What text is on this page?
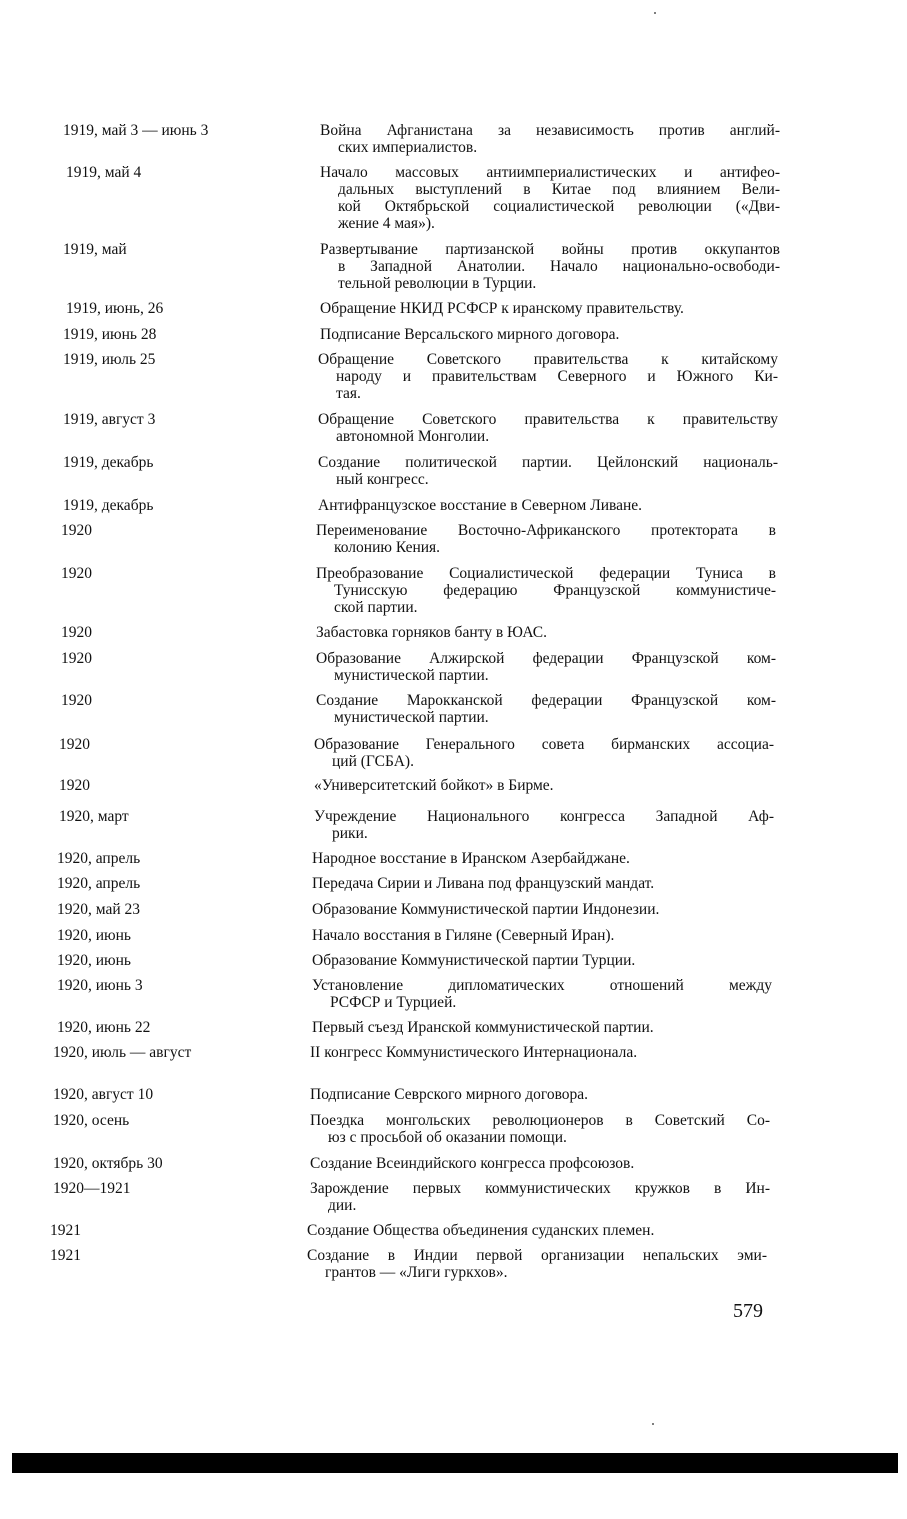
1919, май 3 — июнь 3	Война Афганистана за независимость против англий-
ских империалистов.
1919, май 4	Начало массовых антиимпериалистических и антифео-
дальных выступлений в Китае под влиянием Вели-
кой Октябрьской социалистической революции («Дви-
жение 4 мая»).
1919, май	Развертывание партизанской войны против оккупантов
в Западной Анатолии. Начало национально-освободи-
тельной революции в Турции.
1919, июнь, 26	Обращение НКИД РСФСР к иранскому правительству.
1919, июнь 28	Подписание Версальского мирного договора.
1919, июль 25	Обращение Советского правительства к китайскому
народу и правительствам Северного и Южного Ки-
тая.
1919, август 3	Обращение Советского правительства к правительству
автономной Монголии.
1919, декабрь	Создание политической партии. Цейлонский националь-
ный конгресс.
1919, декабрь	Антифранцузское восстание в Северном Ливане.
1920	Переименование Восточно-Африканского протектората в
колонию Кения.
1920	Преобразование Социалистической федерации Туниса в
Тунисскую федерацию Французской коммунистиче-
ской партии.
1920	Забастовка горняков банту в ЮАС.
1920	Образование Алжирской федерации Французской ком-
мунистической партии.
1920	Создание Марокканской федерации Французской ком-
мунистической партии.
1920	Образование Генерального совета бирманских ассоциа-
ций (ГСБА).
1920	«Университетский бойкот» в Бирме.
1920, март	Учреждение Национального конгресса Западной Аф-
рики.
1920, апрель	Народное восстание в Иранском Азербайджане.
1920, апрель	Передача Сирии и Ливана под французский мандат.
1920, май 23	Образование Коммунистической партии Индонезии.
1920, июнь	Начало восстания в Гиляне (Северный Иран).
1920, июнь	Образование Коммунистической партии Турции.
1920, июнь 3	Установление дипломатических отношений между
РСФСР и Турцией.
1920, июнь 22	Первый съезд Иранской коммунистической партии.
1920, июль — август	II конгресс Коммунистического Интернационала.
1920, август 10	Подписание Севрского мирного договора.
1920, осень	Поездка монгольских революционеров в Советский Со-
юз с просьбой об оказании помощи.
1920, октябрь 30	Создание Всеиндийского конгресса профсоюзов.
1920—1921	Зарождение первых коммунистических кружков в Ин-
дии.
1921	Создание Общества объединения суданских племен.
1921	Создание в Индии первой организации непальских эми-
грантов — «Лиги гуркхов».
579
